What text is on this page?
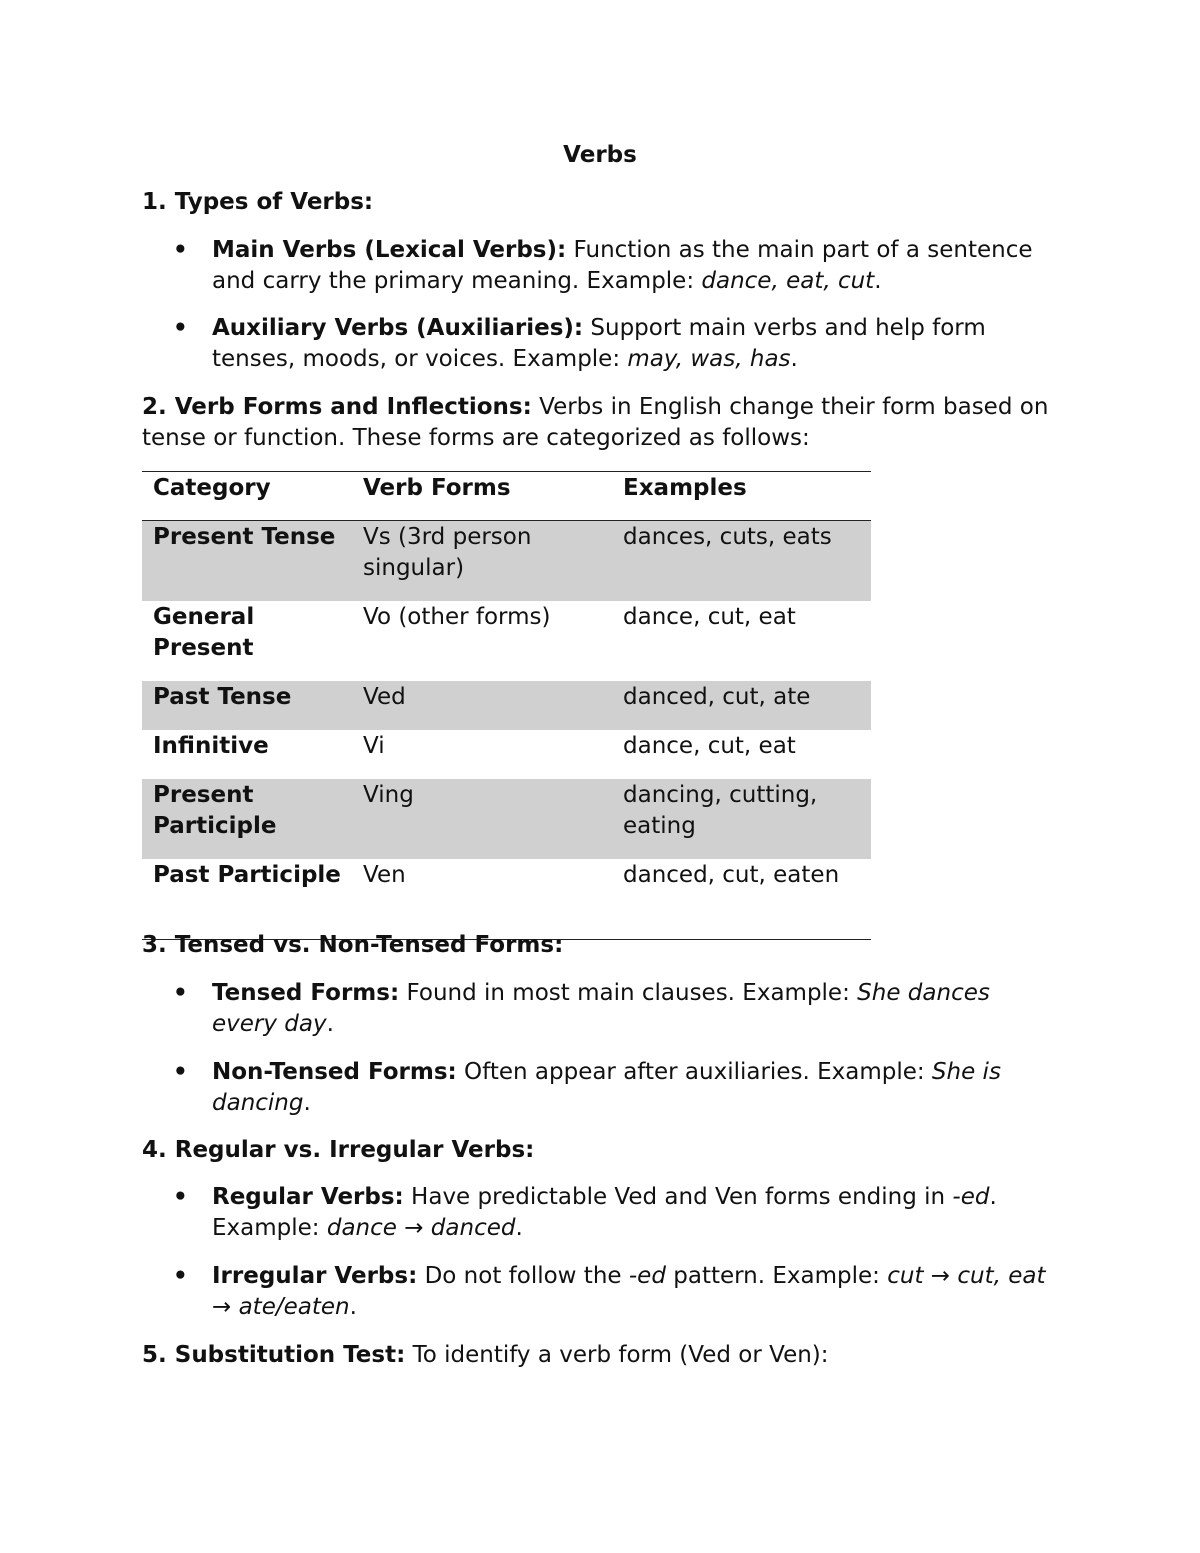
Verbs
1. Types of Verbs:
• Main Verbs (Lexical Verbs): Function as the main part of a sentence and carry the primary meaning. Example: dance, eat, cut.
• Auxiliary Verbs (Auxiliaries): Support main verbs and help form tenses, moods, or voices. Example: may, was, has.
2. Verb Forms and Inflections: Verbs in English change their form based on tense or function. These forms are categorized as follows:
Category	Verb Forms	Examples
Present Tense	Vs (3rd person singular)	dances, cuts, eats
General Present	Vo (other forms)	dance, cut, eat
Past Tense	Ved	danced, cut, ate
Infinitive	Vi	dance, cut, eat
Present Participle	Ving	dancing, cutting, eating
Past Participle	Ven	danced, cut, eaten
3. Tensed vs. Non-Tensed Forms:
• Tensed Forms: Found in most main clauses. Example: She dances every day.
• Non-Tensed Forms: Often appear after auxiliaries. Example: She is dancing.
4. Regular vs. Irregular Verbs:
• Regular Verbs: Have predictable Ved and Ven forms ending in -ed. Example: dance → danced.
• Irregular Verbs: Do not follow the -ed pattern. Example: cut → cut, eat → ate/eaten.
5. Substitution Test: To identify a verb form (Ved or Ven):
